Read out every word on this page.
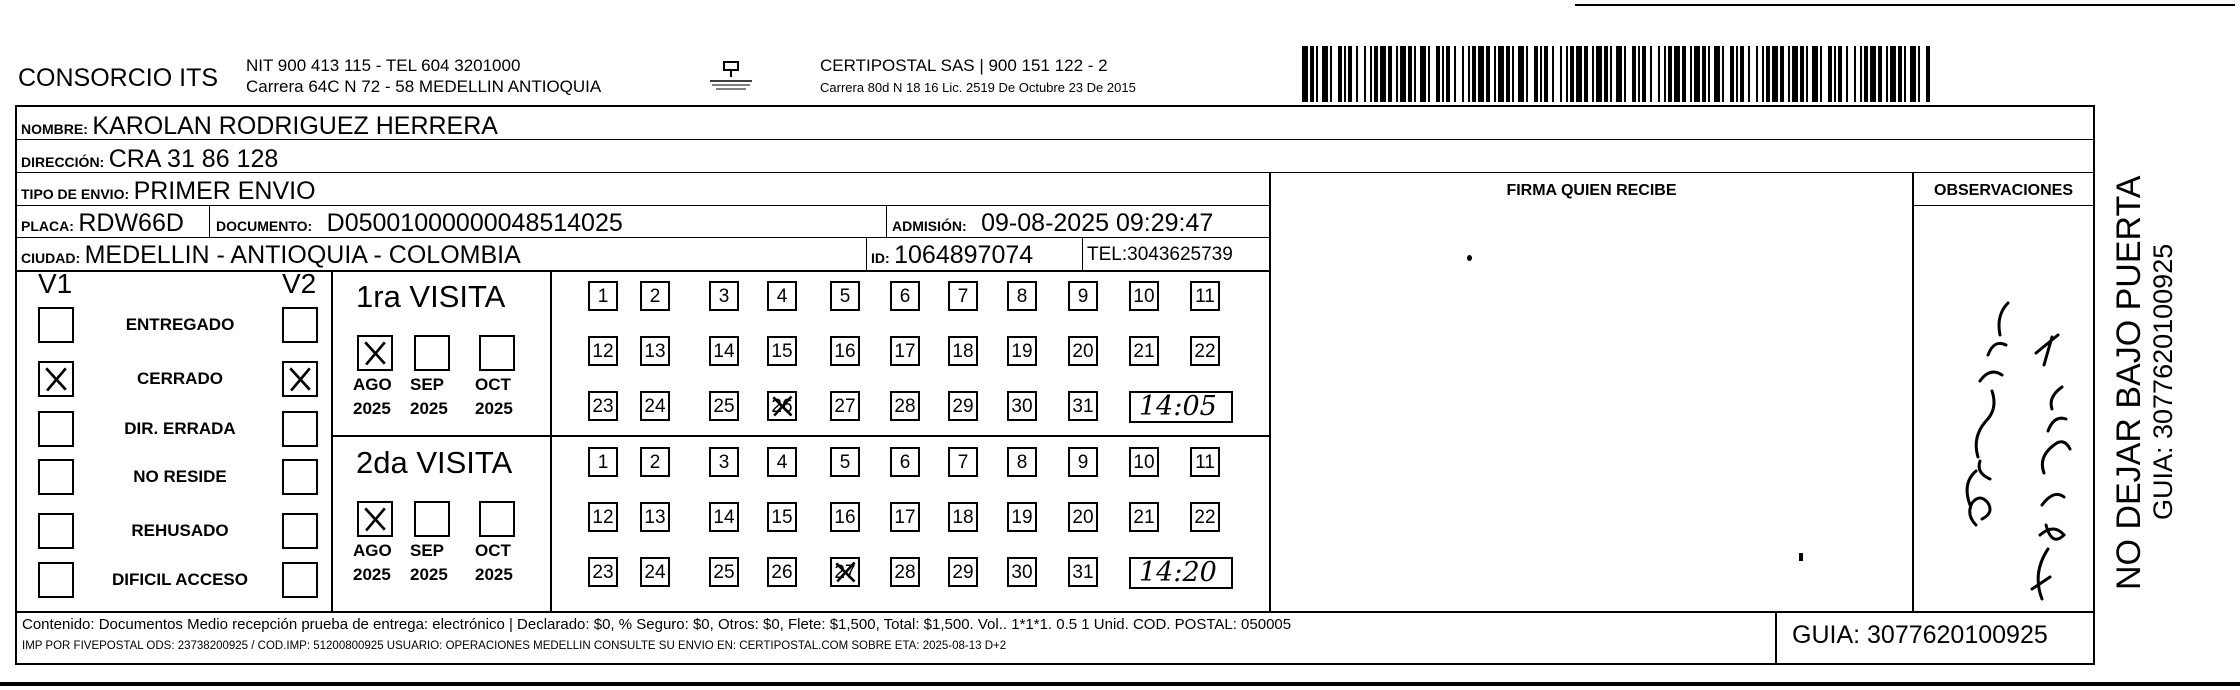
CONSORCIO ITS NIT 900 413 115 - TEL 604 3201000
Carrera 64C N 72 - 58 MEDELLIN ANTIOQUIA
CERTIPOSTAL SAS | 900 151 122 - 2
Carrera 80d N 18 16 Lic. 2519 De Octubre 23 De 2015
NOMBRE: KAROLAN RODRIGUEZ HERRERA
DIRECCIÓN: CRA 31 86 128
TIPO DE ENVIO: PRIMER ENVIO	FIRMA QUIEN RECIBE	OBSERVACIONES
PLACA: RDW66D DOCUMENTO: D05001000000048514025	ADMISIÓN: 09-08-2025 09:29:47
CIUDAD: MEDELLIN - ANTIOQUIA - COLOMBIA	ID: 1064897074	TEL:3043625739
V1	V2
ENTREGADO
CERRADO
DIR. ERRADA
NO RESIDE
REHUSADO
DIFICIL ACCESO
1ra VISITA
AGO
2025
SEP
2025
OCT
2025
1	2	3	4	5	6	7	8	9	10 11
12 13	14 15 16 17 18 19 20 21 22
23 24	25 26 27 28 29 30 31	14:05
2da VISITA
AGO
2025
SEP
2025
OCT
2025
1	2	3	4	5	6	7	8	9	10 11
12 13	14 15 16 17 18 19 20 21 22
23 24	25 26 27 28 29 30 31	14:20	NO DEJAR BAJO PUERTA GUIA: 3077620100925
Contenido: Documentos Medio recepción prueba de entrega: electrónico | Declarado: $0, % Seguro: $0, Otros: $0, Flete: $1,500, Total: $1,500. Vol.. 1*1*1. 0.5 1 Unid. COD. POSTAL: 050005
IMP POR FIVEPOSTAL ODS: 23738200925 / COD.IMP: 51200800925 USUARIO: OPERACIONES MEDELLIN CONSULTE SU ENVIO EN: CERTIPOSTAL.COM SOBRE ETA: 2025-08-13 D+2	GUIA: 3077620100925
